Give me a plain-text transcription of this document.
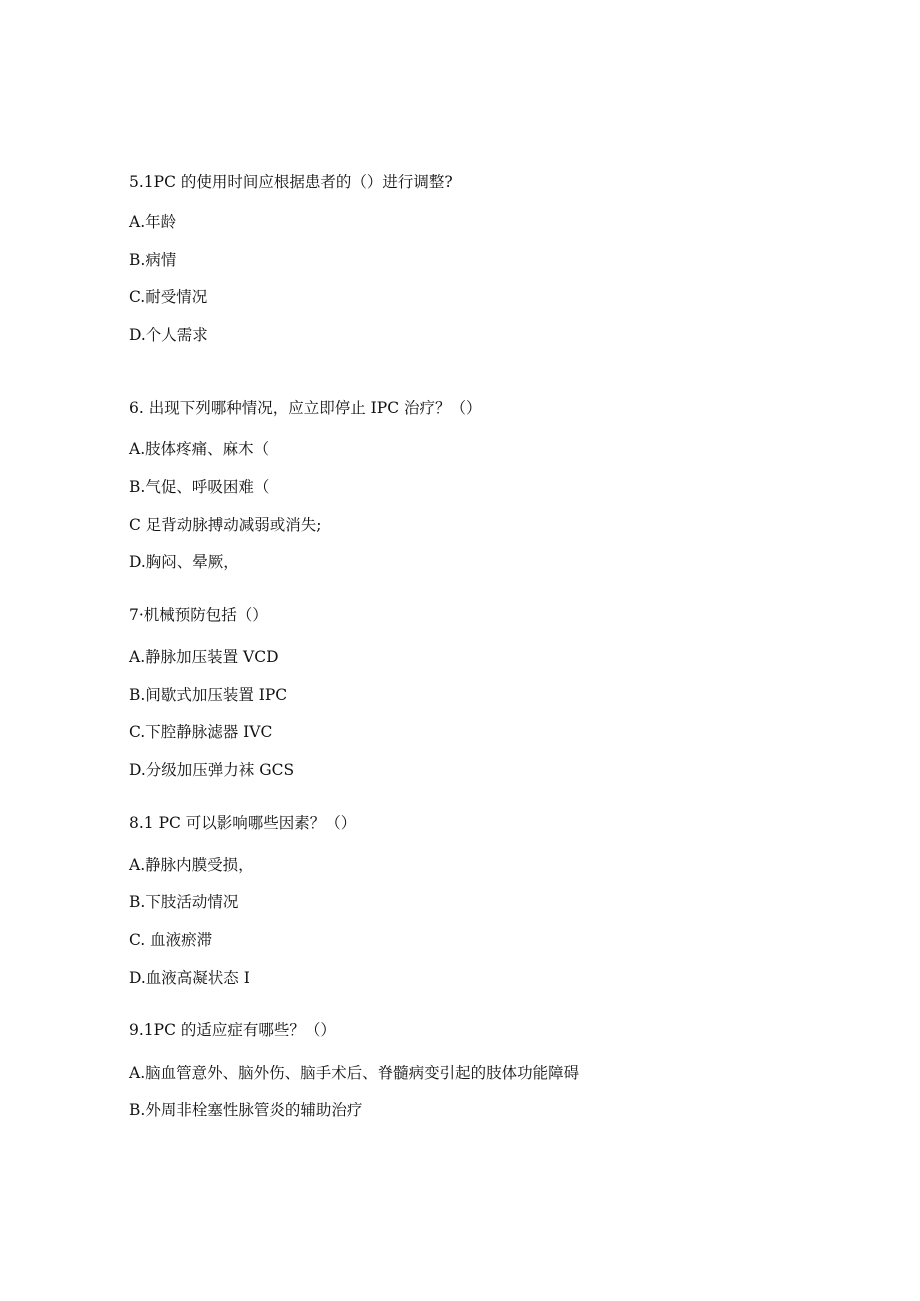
5.1PC 的使用时间应根据患者的（）进行调整?
A.年龄
B.病情
C.耐受情况
D.个人需求
6. 出现下列哪种情况，应立即停止 IPC 治疗？（）
A.肢体疼痛、麻木（
B.气促、呼吸困难（
C 足背动脉搏动减弱或消失;
D.胸闷、晕厥，
7·机械预防包括（）
A.静脉加压装置 VCD
B.间歇式加压装置 IPC
C.下腔静脉滤器 IVC
D.分级加压弹力袜 GCS
8.1 PC 可以影响哪些因素？（）
A.静脉内膜受损，
B.下肢活动情况
C. 血液瘀滞
D.血液高凝状态 I
9.1PC 的适应症有哪些？（）
A.脑血管意外、脑外伤、脑手术后、脊髓病变引起的肢体功能障碍
B.外周非栓塞性脉管炎的辅助治疗
